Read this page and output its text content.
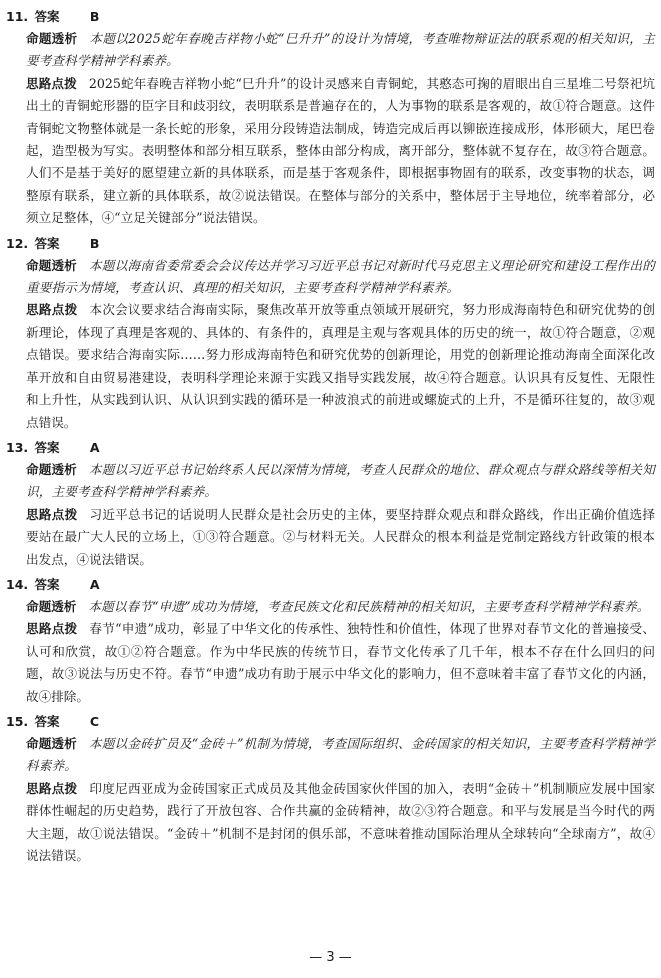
11. 答案 B
命题透析 本题以2025蛇年春晚吉祥物小蛇“巳升升”的设计为情境，考查唯物辩证法的联系观的相关知识，主要考查科学精神学科素养。
思路点拨 2025蛇年春晚吉祥物小蛇“巳升升”的设计灵感来自青铜蛇，其憨态可掬的眉眼出自三星堆二号祭祀坑出土的青铜蛇形器的臣字目和歧羽纹，表明联系是普遍存在的，人为事物的联系是客观的，故①符合题意。这件青铜蛇文物整体就是一条长蛇的形象，采用分段铸造法制成，铸造完成后再以铆嵌连接成形，体形硕大，尾巴卷起，造型极为写实。表明整体和部分相互联系，整体由部分构成，离开部分，整体就不复存在，故③符合题意。人们不是基于美好的愿望建立新的具体联系，而是基于客观条件，即根据事物固有的联系，改变事物的状态，调整原有联系，建立新的具体联系，故②说法错误。在整体与部分的关系中，整体居于主导地位，统率着部分，必须立足整体，④“立足关键部分”说法错误。
12. 答案 B
命题透析 本题以海南省委常委会会议传达并学习习近平总书记对新时代马克思主义理论研究和建设工程作出的重要指示为情境，考查认识、真理的相关知识，主要考查科学精神学科素养。
思路点拨 本次会议要求结合海南实际，聚焦改革开放等重点领域开展研究，努力形成海南特色和研究优势的创新理论，体现了真理是客观的、具体的、有条件的，真理是主观与客观具体的历史的统一，故①符合题意，②观点错误。要求结合海南实际……努力形成海南特色和研究优势的创新理论，用党的创新理论推动海南全面深化改革开放和自由贸易港建设，表明科学理论来源于实践又指导实践发展，故④符合题意。认识具有反复性、无限性和上升性，从实践到认识、从认识到实践的循环是一种波浪式的前进或螺旋式的上升，不是循环往复的，故③观点错误。
13. 答案 A
命题透析 本题以习近平总书记始终系人民以深情为情境，考查人民群众的地位、群众观点与群众路线等相关知识，主要考查科学精神学科素养。
思路点拨 习近平总书记的话说明人民群众是社会历史的主体，要坚持群众观点和群众路线，作出正确价值选择要站在最广大人民的立场上，①③符合题意。②与材料无关。人民群众的根本利益是党制定路线方针政策的根本出发点，④说法错误。
14. 答案 A
命题透析 本题以春节“申遗”成功为情境，考查民族文化和民族精神的相关知识，主要考查科学精神学科素养。
思路点拨 春节“申遗”成功，彰显了中华文化的传承性、独特性和价值性，体现了世界对春节文化的普遍接受、认可和欣赏，故①②符合题意。作为中华民族的传统节日，春节文化传承了几千年，根本不存在什么回归的问题，故③说法与历史不符。春节“申遗”成功有助于展示中华文化的影响力，但不意味着丰富了春节文化的内涵，故④排除。
15. 答案 C
命题透析 本题以金砖扩员及“金砖＋”机制为情境，考查国际组织、金砖国家的相关知识，主要考查科学精神学科素养。
思路点拨 印度尼西亚成为金砖国家正式成员及其他金砖国家伙伴国的加入，表明“金砖＋”机制顺应发展中国家群体性崛起的历史趋势，践行了开放包容、合作共赢的金砖精神，故②③符合题意。和平与发展是当今时代的两大主题，故①说法错误。“金砖＋”机制不是封闭的俱乐部，不意味着推动国际治理从全球转向“全球南方”，故④说法错误。
— 3 —
